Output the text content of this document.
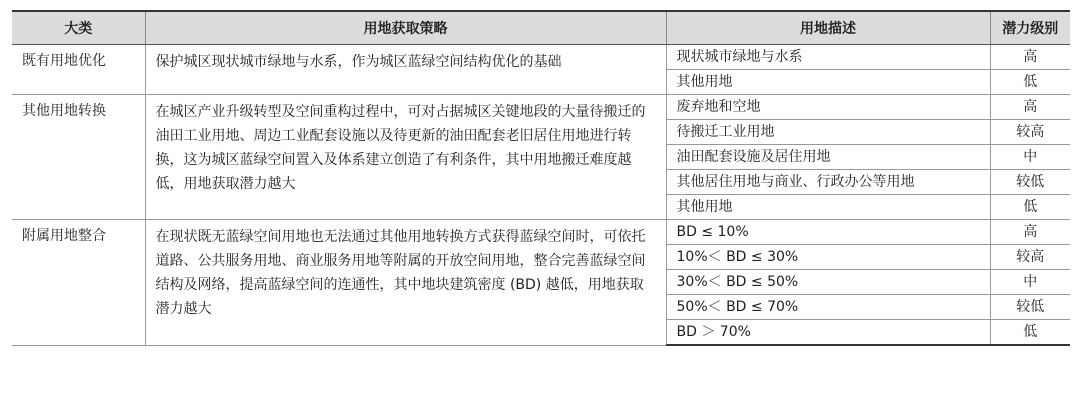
大类	用地获取策略	用地描述	潜力级别
既有用地优化	保护城区现状城市绿地与水系，作为城区蓝绿空间结构优化的基础	现状城市绿地与水系	高
		其他用地	低
其他用地转换	在城区产业升级转型及空间重构过程中，可对占据城区关键地段的大量待搬迁的油田工业用地、周边工业配套设施以及待更新的油田配套老旧居住用地进行转换，这为城区蓝绿空间置入及体系建立创造了有利条件，其中用地搬迁难度越低，用地获取潜力越大	废弃地和空地	高
		待搬迁工业用地	较高
		油田配套设施及居住用地	中
		其他居住用地与商业、行政办公等用地	较低
		其他用地	低
附属用地整合	在现状既无蓝绿空间用地也无法通过其他用地转换方式获得蓝绿空间时，可依托道路、公共服务用地、商业服务用地等附属的开放空间用地，整合完善蓝绿空间结构及网络，提高蓝绿空间的连通性，其中地块建筑密度 (BD) 越低，用地获取潜力越大	BD ≤ 10%	高
		10%＜ BD ≤ 30%	较高
		30%＜ BD ≤ 50%	中
		50%＜ BD ≤ 70%	较低
		BD ＞ 70%	低
